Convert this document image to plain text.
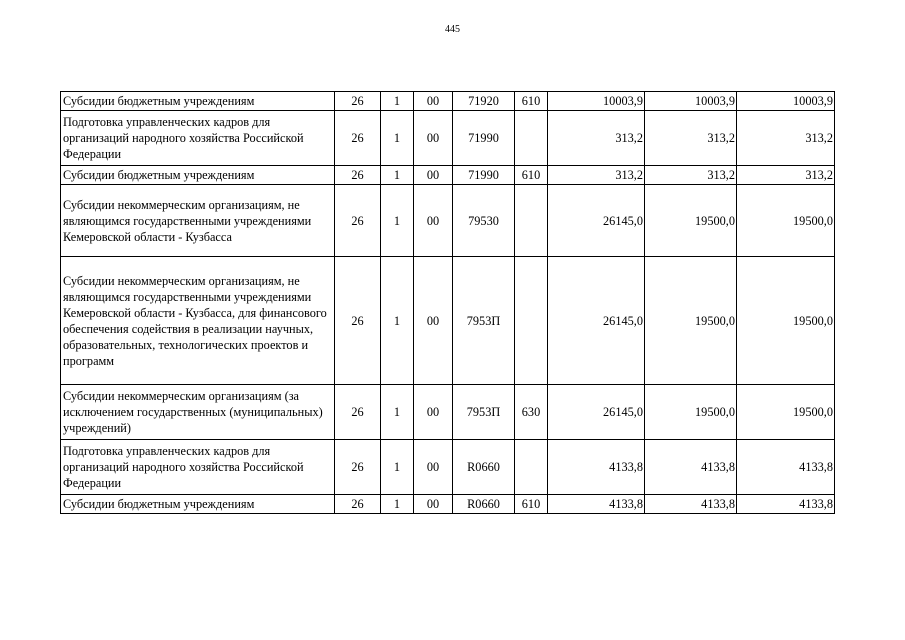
445
Субсидии бюджетным учреждениям	26	1	00	71920	610	10003,9	10003,9	10003,9
Подготовка управленческих кадров для организаций народного хозяйства Российской Федерации	26	1	00	71990		313,2	313,2	313,2
Субсидии бюджетным учреждениям	26	1	00	71990	610	313,2	313,2	313,2
Субсидии некоммерческим организациям, не являющимся государственными учреждениями Кемеровской области - Кузбасса	26	1	00	79530		26145,0	19500,0	19500,0
Субсидии некоммерческим организациям, не являющимся государственными учреждениями Кемеровской области - Кузбасса, для финансового обеспечения содействия в реализации научных, образовательных, технологических проектов и программ	26	1	00	7953П		26145,0	19500,0	19500,0
Субсидии некоммерческим организациям (за исключением государственных (муниципальных) учреждений)	26	1	00	7953П	630	26145,0	19500,0	19500,0
Подготовка управленческих кадров для организаций народного хозяйства Российской Федерации	26	1	00	R0660		4133,8	4133,8	4133,8
Субсидии бюджетным учреждениям	26	1	00	R0660	610	4133,8	4133,8	4133,8
